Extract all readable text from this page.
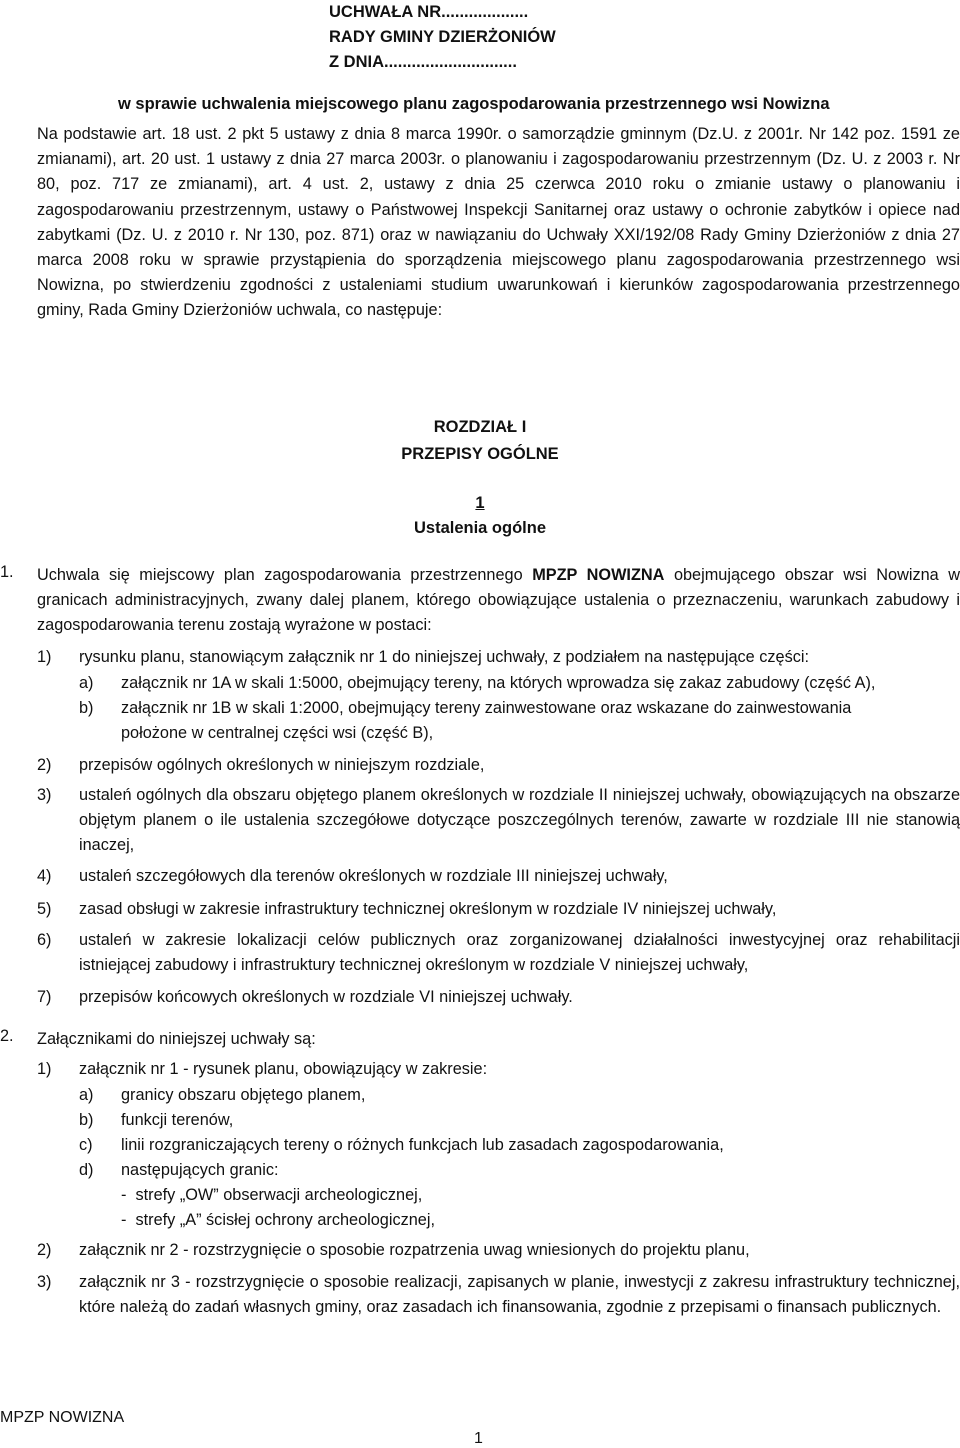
UCHWAŁA NR...................
RADY GMINY DZIERŻONIÓW
Z DNIA.............................
w sprawie uchwalenia miejscowego planu zagospodarowania przestrzennego wsi Nowizna
Na podstawie art. 18 ust. 2 pkt 5 ustawy z dnia 8 marca 1990r. o samorządzie gminnym (Dz.U. z 2001r. Nr 142 poz. 1591 ze zmianami), art. 20 ust. 1 ustawy z dnia 27 marca 2003r. o planowaniu i zagospodarowaniu przestrzennym (Dz. U. z 2003 r. Nr 80, poz. 717 ze zmianami), art. 4 ust. 2, ustawy z dnia 25 czerwca 2010 roku o zmianie ustawy o planowaniu i zagospodarowaniu przestrzennym, ustawy o Państwowej Inspekcji Sanitarnej oraz ustawy o ochronie zabytków i opiece nad zabytkami (Dz. U. z 2010 r. Nr 130, poz. 871) oraz w nawiązaniu do Uchwały XXI/192/08 Rady Gminy Dzierżoniów z dnia 27 marca 2008 roku w sprawie przystąpienia do sporządzenia miejscowego planu zagospodarowania przestrzennego wsi Nowizna, po stwierdzeniu zgodności z ustaleniami studium uwarunkowań i kierunków zagospodarowania przestrzennego gminy, Rada Gminy Dzierżoniów uchwala, co następuje:
ROZDZIAŁ I
PRZEPISY OGÓLNE
1
Ustalenia ogólne
1. Uchwala się miejscowy plan zagospodarowania przestrzennego MPZP NOWIZNA obejmującego obszar wsi Nowizna w granicach administracyjnych, zwany dalej planem, którego obowiązujące ustalenia o przeznaczeniu, warunkach zabudowy i zagospodarowania terenu zostają wyrażone w postaci:
1) rysunku planu, stanowiącym załącznik nr 1 do niniejszej uchwały, z podziałem na następujące części:
a) załącznik nr 1A w skali 1:5000, obejmujący tereny, na których wprowadza się zakaz zabudowy (część A),
b) załącznik nr 1B w skali 1:2000, obejmujący tereny zainwestowane oraz wskazane do zainwestowania położone w centralnej części wsi (część B),
2) przepisów ogólnych określonych w niniejszym rozdziale,
3) ustaleń ogólnych dla obszaru objętego planem określonych w rozdziale II niniejszej uchwały, obowiązujących na obszarze objętym planem o ile ustalenia szczegółowe dotyczące poszczególnych terenów, zawarte w rozdziale III nie stanowią inaczej,
4) ustaleń szczegółowych dla terenów określonych w rozdziale III niniejszej uchwały,
5) zasad obsługi w zakresie infrastruktury technicznej określonym w rozdziale IV niniejszej uchwały,
6) ustaleń w zakresie lokalizacji celów publicznych oraz zorganizowanej działalności inwestycyjnej oraz rehabilitacji istniejącej zabudowy i infrastruktury technicznej określonym w rozdziale V niniejszej uchwały,
7) przepisów końcowych określonych w rozdziale VI niniejszej uchwały.
2. Załącznikami do niniejszej uchwały są:
1) załącznik nr 1 - rysunek planu, obowiązujący w zakresie:
a) granicy obszaru objętego planem,
b) funkcji terenów,
c) linii rozgraniczających tereny o różnych funkcjach lub zasadach zagospodarowania,
d) następujących granic:
- strefy „OW” obserwacji archeologicznej,
- strefy „A” ścisłej ochrony archeologicznej,
2) załącznik nr 2 - rozstrzygnięcie o sposobie rozpatrzenia uwag wniesionych do projektu planu,
3) załącznik nr 3 - rozstrzygnięcie o sposobie realizacji, zapisanych w planie, inwestycji z zakresu infrastruktury technicznej, które należą do zadań własnych gminy, oraz zasadach ich finansowania, zgodnie z przepisami o finansach publicznych.
MPZP NOWIZNA
1
